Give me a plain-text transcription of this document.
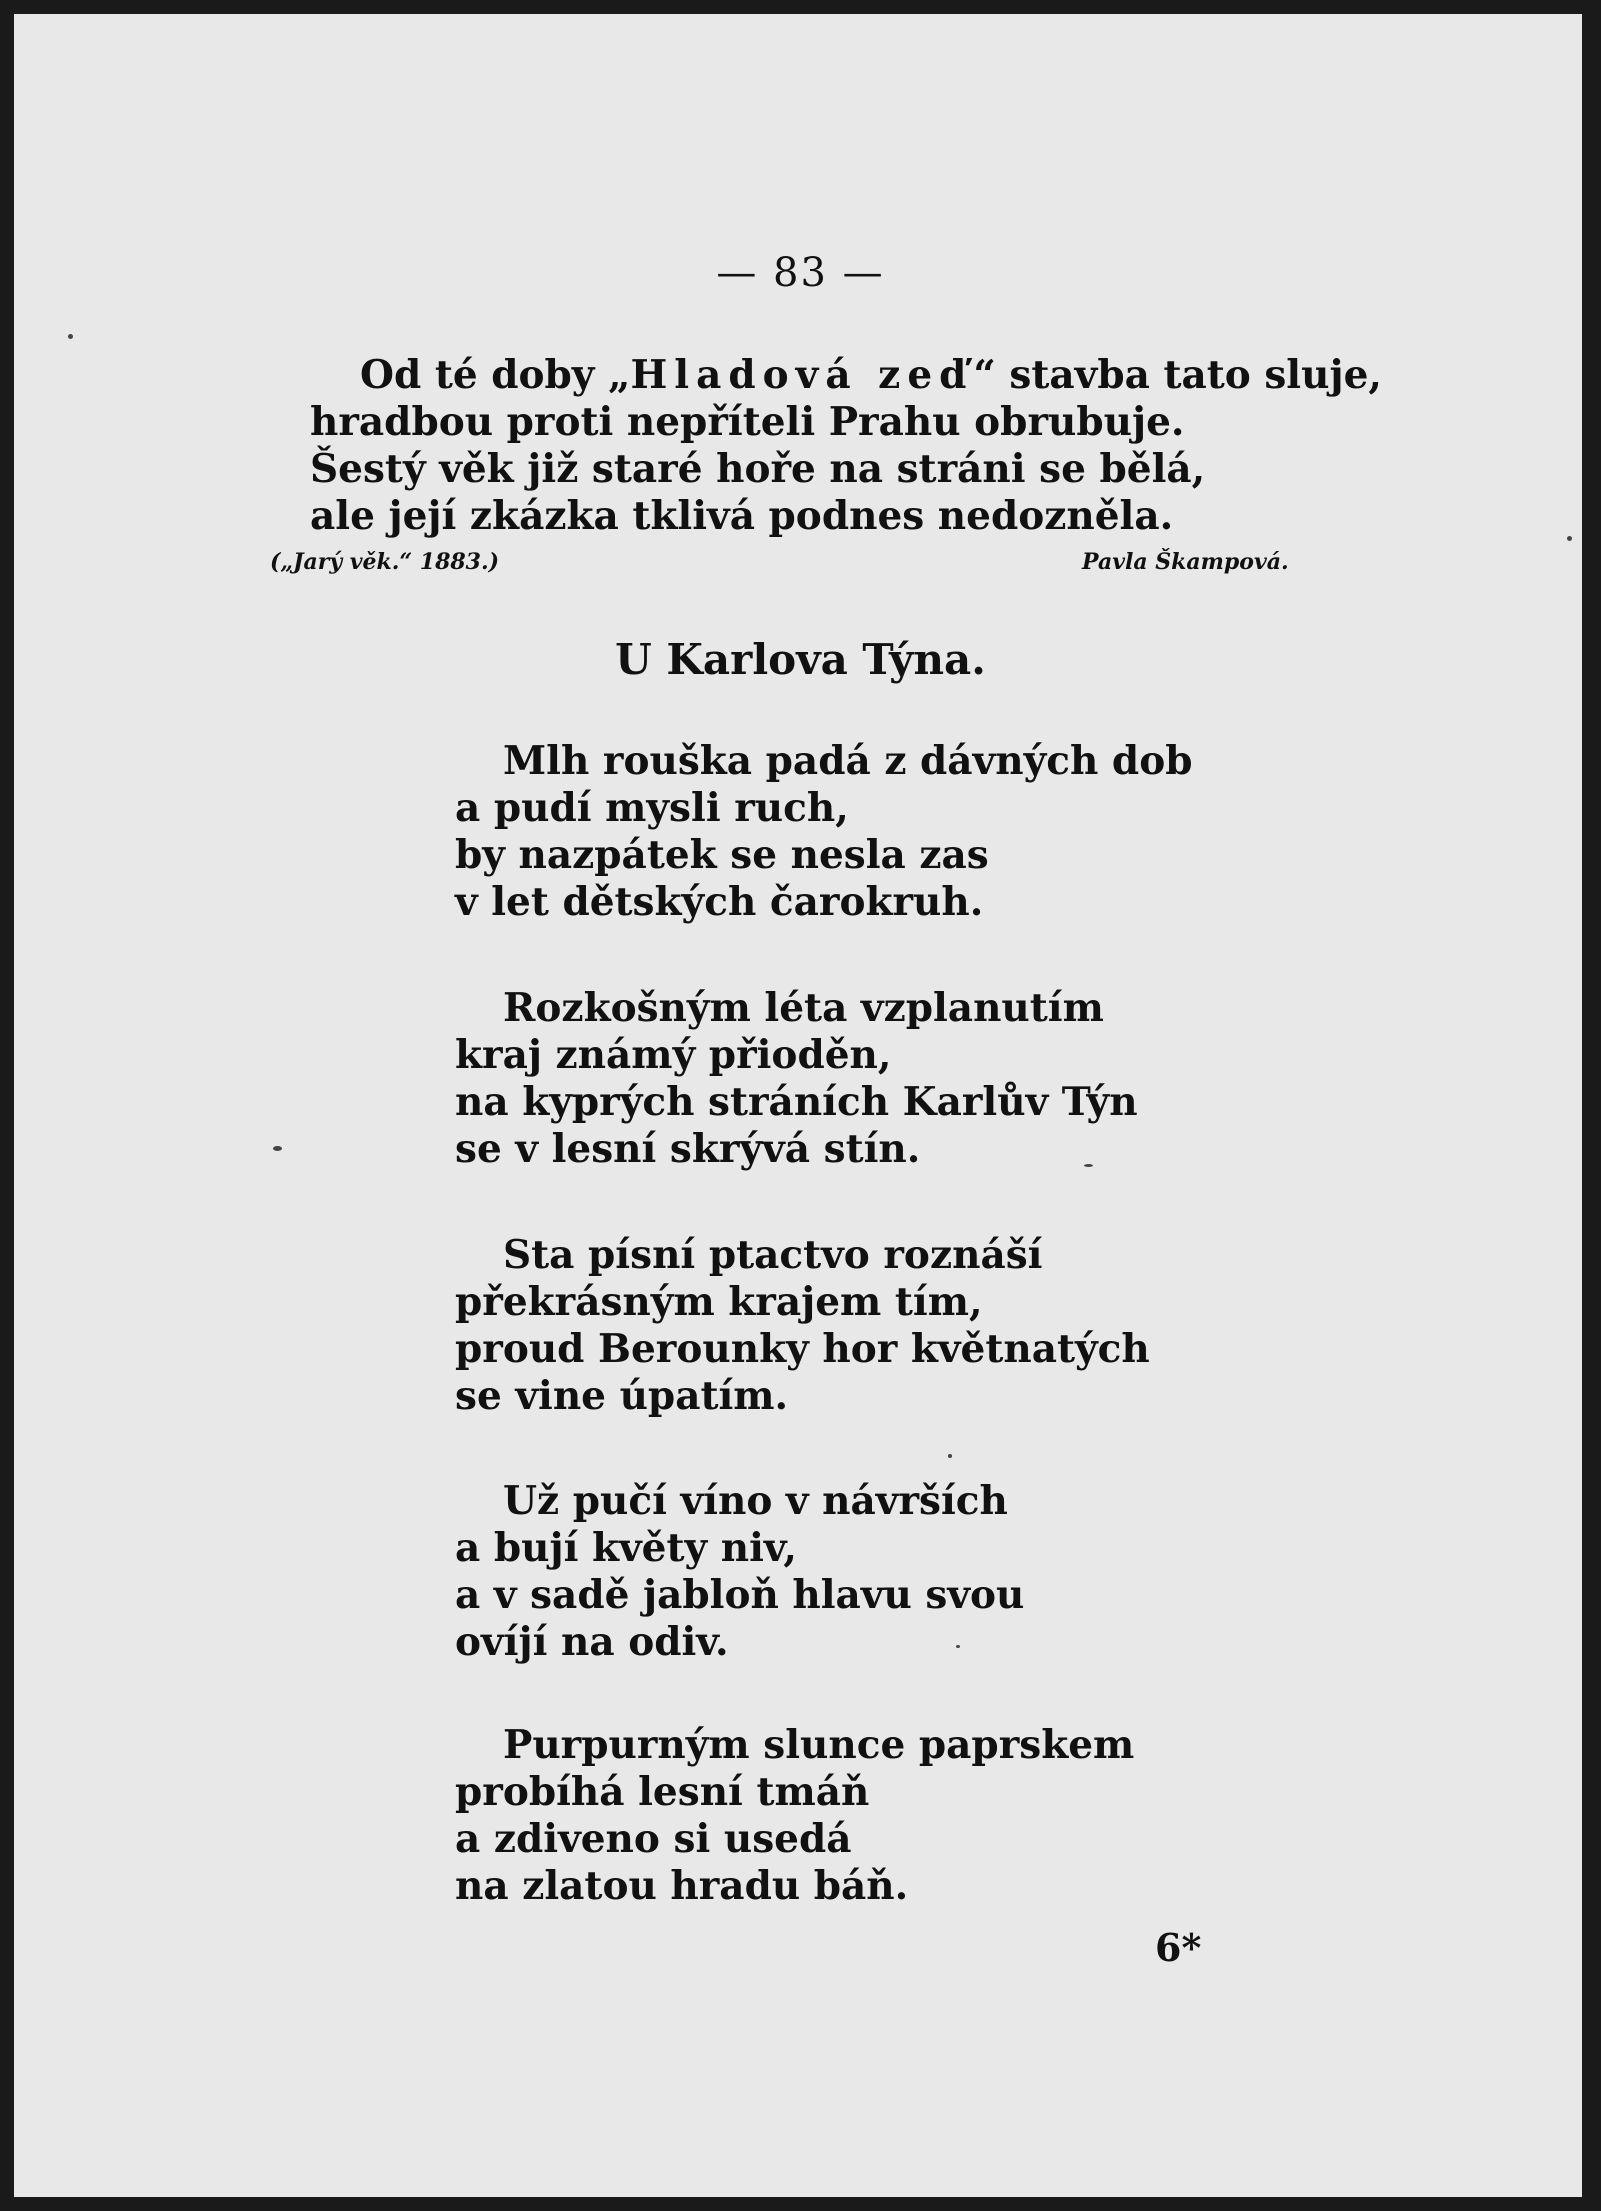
— 83 —
Od té doby „Hladová zeď“ stavba tato sluje,
hradbou proti nepříteli Prahu obrubuje.
Šestý věk již staré hoře na stráni se bělá,
ale její zkázka tklivá podnes nedozněla.
(„Jarý věk.“ 1883.)	Pavla Škampová.
U Karlova Týna.
Mlh rouška padá z dávných dob
a pudí mysli ruch,
by nazpátek se nesla zas
v let dětských čarokruh.
Rozkošným léta vzplanutím
kraj známý přioděn,
na kyprých stráních Karlův Týn
se v lesní skrývá stín.
Sta písní ptactvo roznáší
překrásným krajem tím,
proud Berounky hor květnatých
se vine úpatím.
Už pučí víno v návrších
a bují květy niv,
a v sadě jabloň hlavu svou
ovíjí na odiv.
Purpurným slunce paprskem
probíhá lesní tmáň
a zdiveno si usedá
na zlatou hradu báň.
6*
